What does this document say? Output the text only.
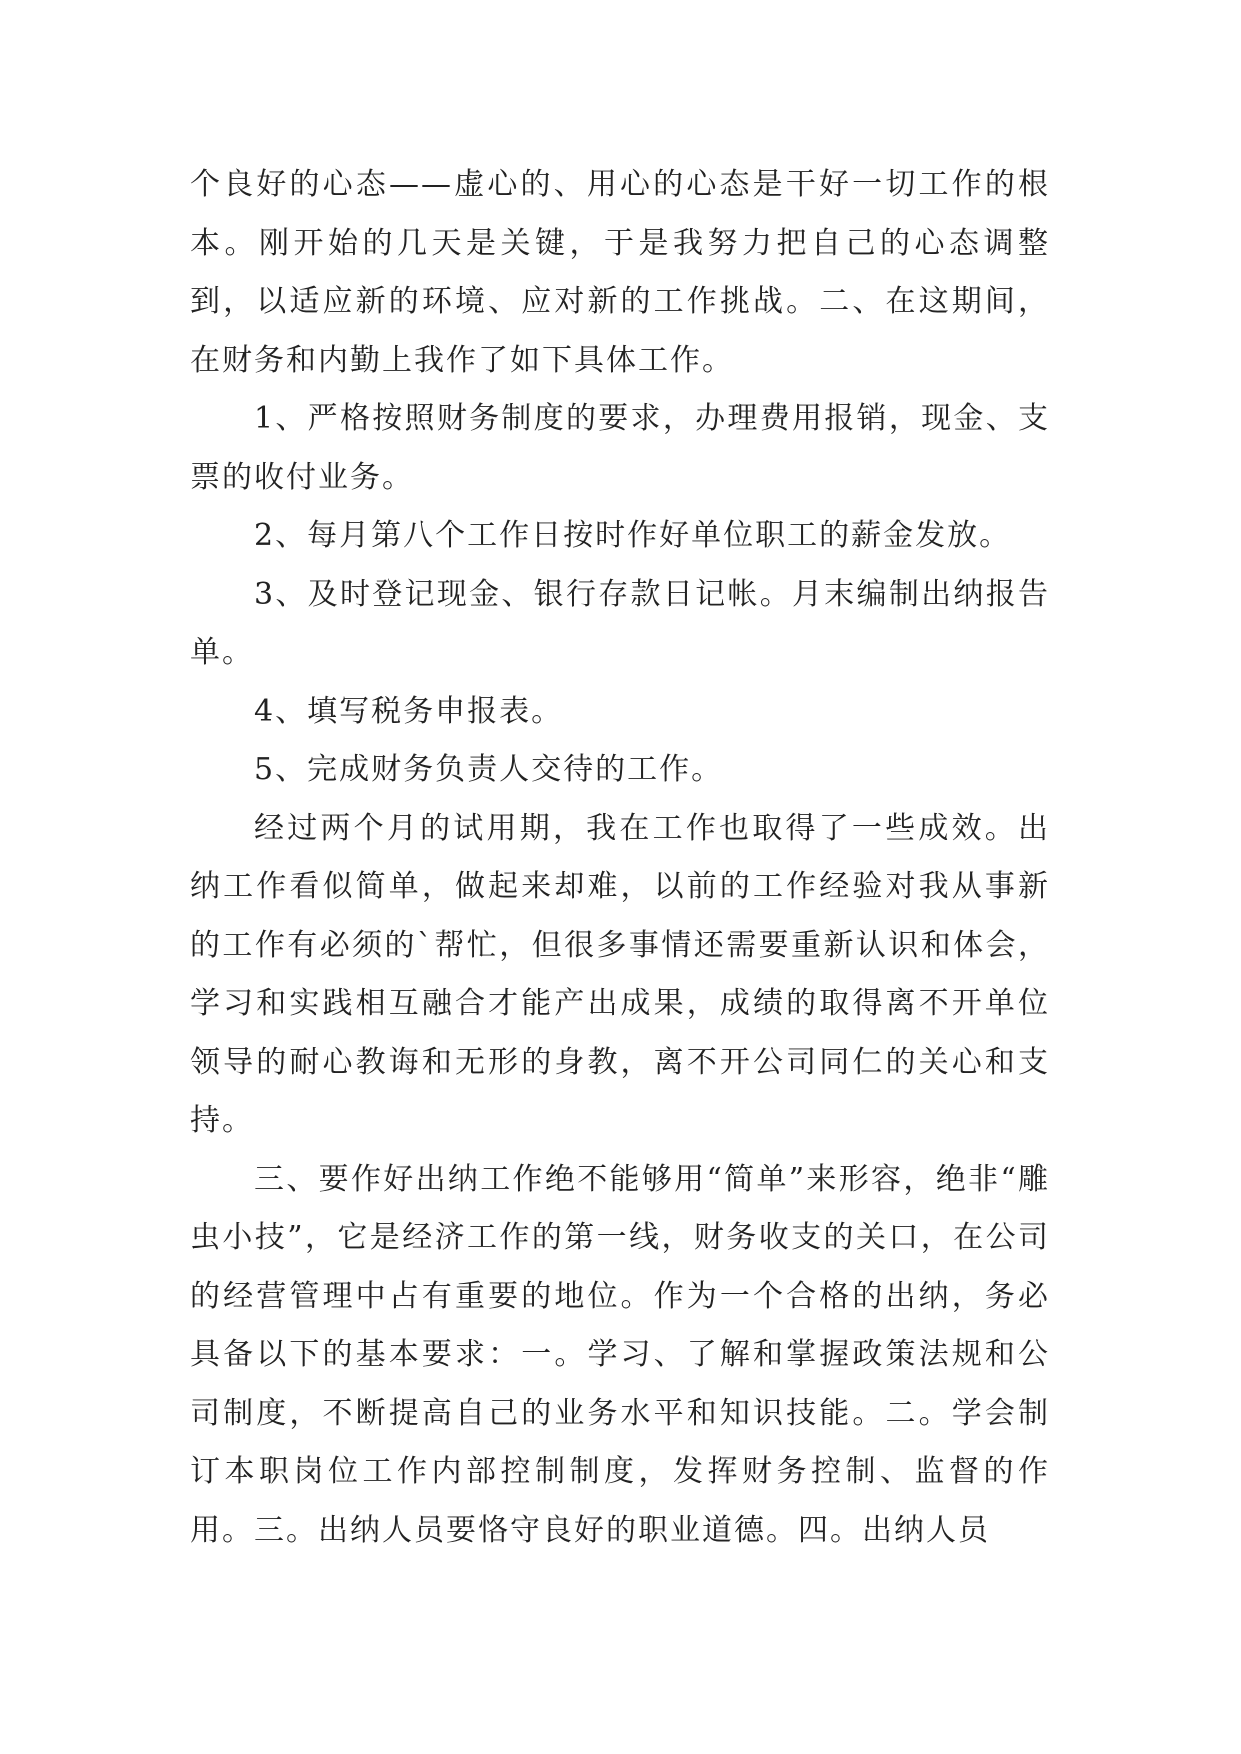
个良好的心态——虚心的、用心的心态是干好一切工作的根本。刚开始的几天是关键，于是我努力把自己的心态调整到，以适应新的环境、应对新的工作挑战。二、在这期间，在财务和内勤上我作了如下具体工作。

1、严格按照财务制度的要求，办理费用报销，现金、支票的收付业务。

2、每月第八个工作日按时作好单位职工的薪金发放。

3、及时登记现金、银行存款日记帐。月末编制出纳报告单。

4、填写税务申报表。

5、完成财务负责人交待的工作。

经过两个月的试用期，我在工作也取得了一些成效。出纳工作看似简单，做起来却难，以前的工作经验对我从事新的工作有必须的`帮忙，但很多事情还需要重新认识和体会，学习和实践相互融合才能产出成果，成绩的取得离不开单位领导的耐心教诲和无形的身教，离不开公司同仁的关心和支持。

三、要作好出纳工作绝不能够用“简单”来形容，绝非“雕虫小技”，它是经济工作的第一线，财务收支的关口，在公司的经营管理中占有重要的地位。作为一个合格的出纳，务必具备以下的基本要求：一。学习、了解和掌握政策法规和公司制度，不断提高自己的业务水平和知识技能。二。学会制订本职岗位工作内部控制制度，发挥财务控制、监督的作用。三。出纳人员要恪守良好的职业道德。四。出纳人员
